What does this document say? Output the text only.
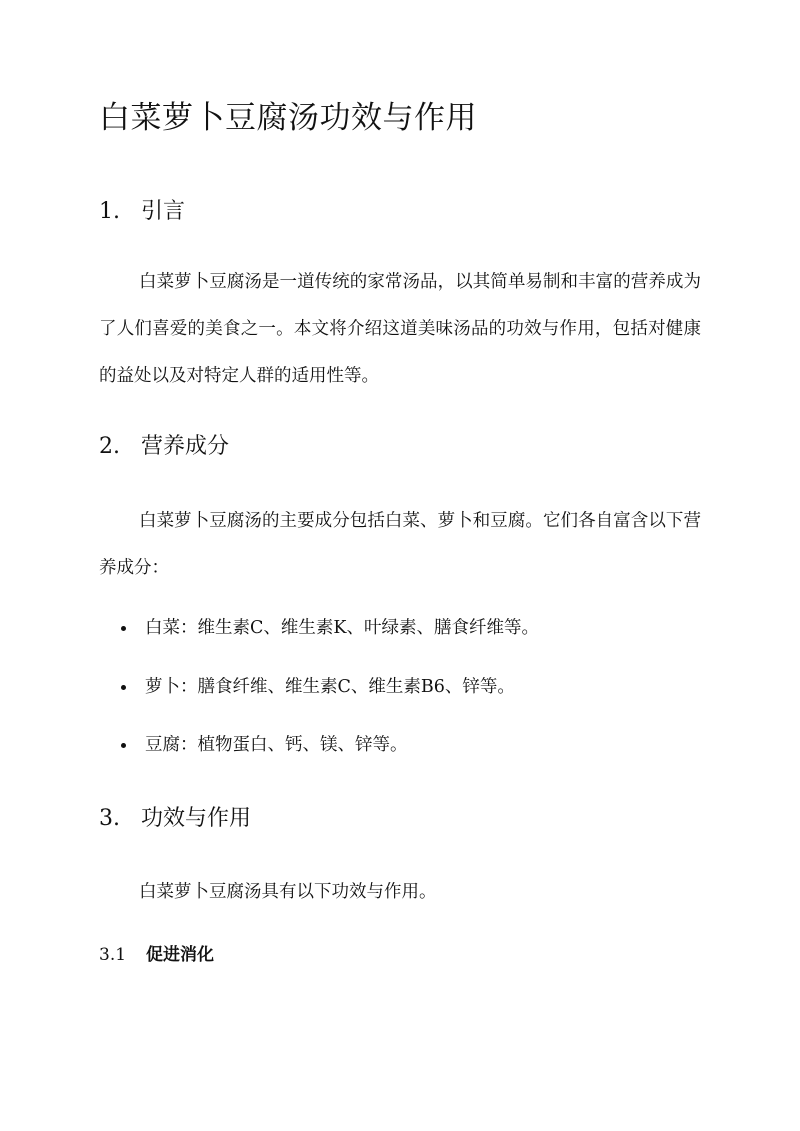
白菜萝卜豆腐汤功效与作用
1. 引言

白菜萝卜豆腐汤是一道传统的家常汤品，以其简单易制和丰富的营养成为了人们喜爱的美食之一。本文将介绍这道美味汤品的功效与作用，包括对健康的益处以及对特定人群的适用性等。

2. 营养成分

白菜萝卜豆腐汤的主要成分包括白菜、萝卜和豆腐。它们各自富含以下营养成分：

白菜：维生素C、维生素K、叶绿素、膳食纤维等。
萝卜：膳食纤维、维生素C、维生素B6、锌等。
豆腐：植物蛋白、钙、镁、锌等。
3. 功效与作用

白菜萝卜豆腐汤具有以下功效与作用。

3.1 促进消化
